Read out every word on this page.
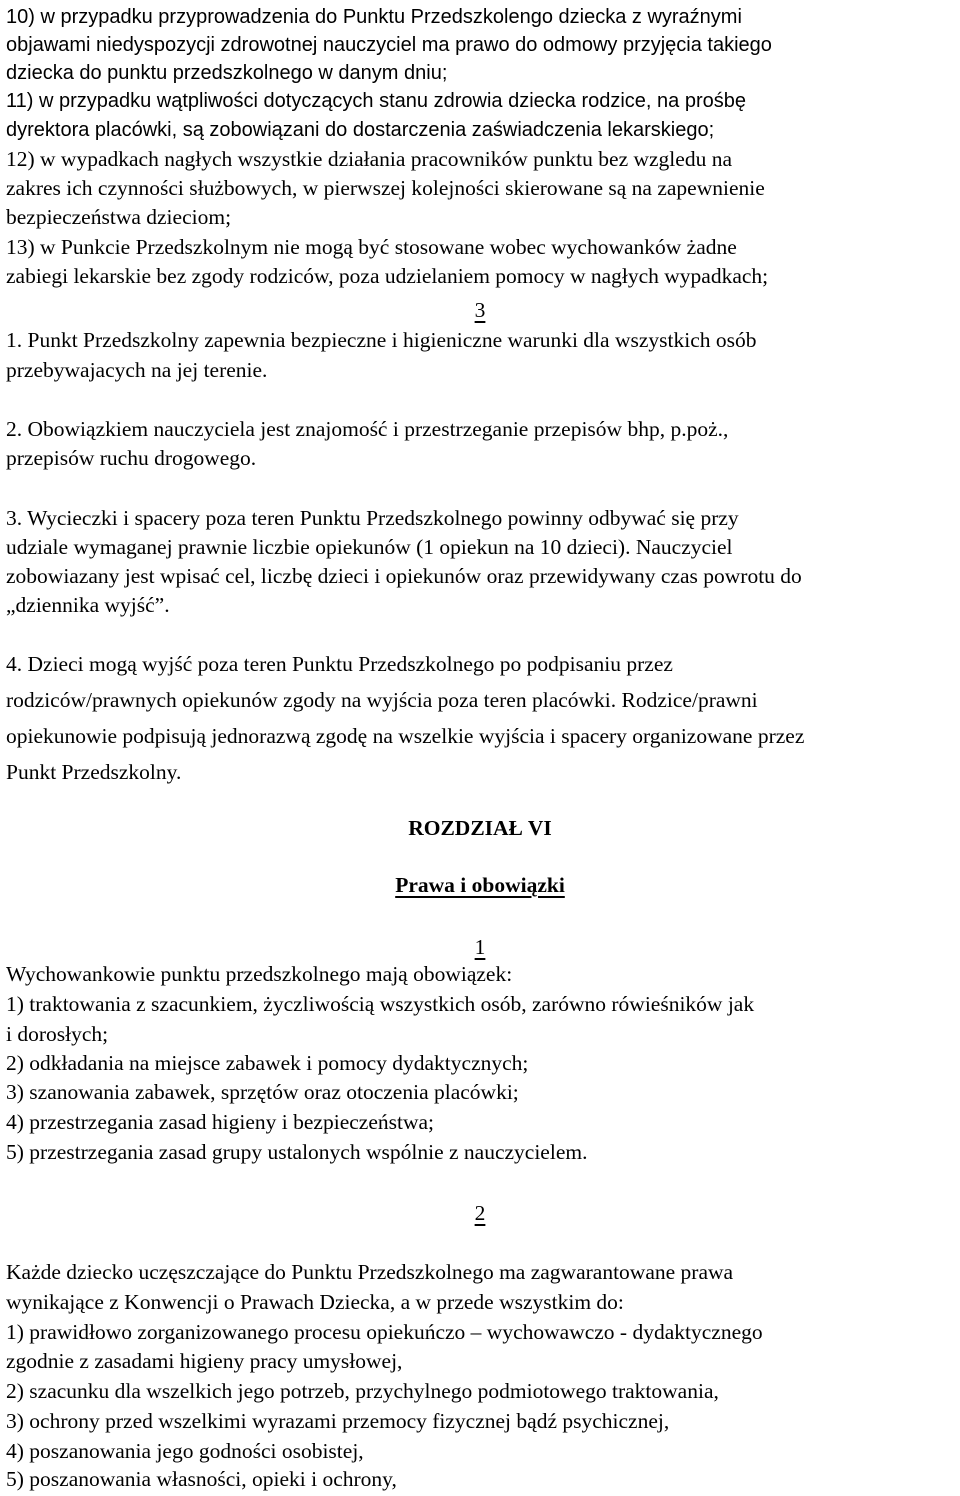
10) w przypadku przyprowadzenia do Punktu Przedszkolengo dziecka z wyraźnymi
objawami niedyspozycji zdrowotnej nauczyciel ma prawo do odmowy przyjęcia takiego
dziecka do punktu przedszkolnego w danym dniu;
11) w przypadku wątpliwości dotyczących stanu zdrowia dziecka rodzice, na prośbę
dyrektora placówki, są zobowiązani do dostarczenia zaświadczenia lekarskiego;
12) w wypadkach nagłych wszystkie działania pracowników punktu bez wzgledu na
zakres ich czynności służbowych, w pierwszej kolejności skierowane są na zapewnienie
bezpieczeństwa dzieciom;
13) w Punkcie Przedszkolnym nie mogą być stosowane wobec wychowanków żadne
zabiegi lekarskie bez zgody rodziców, poza udzielaniem pomocy w nagłych wypadkach;
3
1. Punkt Przedszkolny zapewnia bezpieczne i higieniczne warunki dla wszystkich osób
przebywajacych na jej terenie.
2. Obowiązkiem nauczyciela jest znajomość i przestrzeganie przepisów bhp, p.poż.,
przepisów ruchu drogowego.
3. Wycieczki i spacery poza teren Punktu Przedszkolnego powinny odbywać się przy
udziale wymaganej prawnie liczbie opiekunów (1 opiekun na 10 dzieci). Nauczyciel
zobowiazany jest wpisać cel, liczbę dzieci i opiekunów oraz przewidywany czas powrotu do
„dziennika wyjść”.
4. Dzieci mogą wyjść poza teren Punktu Przedszkolnego po podpisaniu przez
rodziców/prawnych opiekunów zgody na wyjścia poza teren placówki. Rodzice/prawni
opiekunowie podpisują jednorazwą zgodę na wszelkie wyjścia i spacery organizowane przez
Punkt Przedszkolny.
ROZDZIAŁ VI
Prawa i obowiązki
1
Wychowankowie punktu przedszkolnego mają obowiązek:
1) traktowania z szacunkiem, życzliwością wszystkich osób, zarówno rówieśników jak
i dorosłych;
2) odkładania na miejsce zabawek i pomocy dydaktycznych;
3) szanowania zabawek, sprzętów oraz otoczenia placówki;
4) przestrzegania zasad higieny i bezpieczeństwa;
5) przestrzegania zasad grupy ustalonych wspólnie z nauczycielem.
2
Każde dziecko uczęszczające do Punktu Przedszkolnego ma zagwarantowane prawa
wynikające z Konwencji o Prawach Dziecka, a w przede wszystkim do:
1) prawidłowo zorganizowanego procesu opiekuńczo – wychowawczo - dydaktycznego
zgodnie z zasadami higieny pracy umysłowej,
2) szacunku dla wszelkich jego potrzeb, przychylnego podmiotowego traktowania,
3) ochrony przed wszelkimi wyrazami przemocy fizycznej bądź psychicznej,
4) poszanowania jego godności osobistej,
5) poszanowania własności, opieki i ochrony,
